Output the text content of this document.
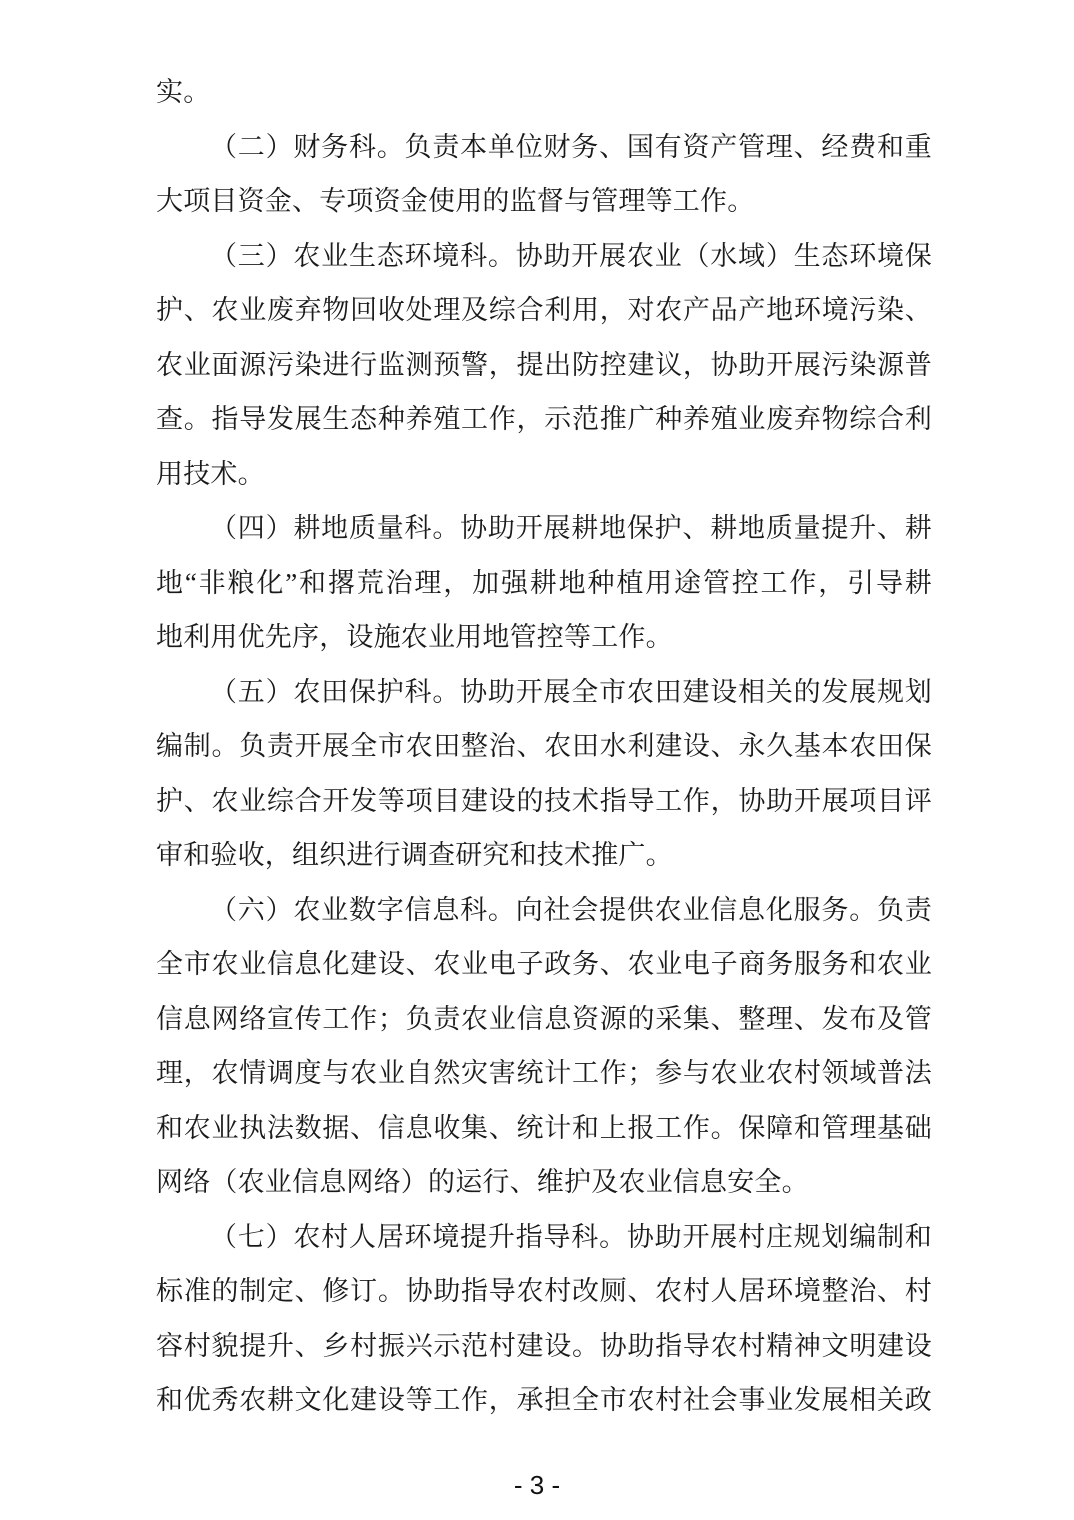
实。
（二）财务科。负责本单位财务、国有资产管理、经费和重
大项目资金、专项资金使用的监督与管理等工作。
（三）农业生态环境科。协助开展农业（水域）生态环境保
护、农业废弃物回收处理及综合利用，对农产品产地环境污染、
农业面源污染进行监测预警，提出防控建议，协助开展污染源普
查。指导发展生态种养殖工作，示范推广种养殖业废弃物综合利
用技术。
（四）耕地质量科。协助开展耕地保护、耕地质量提升、耕
地“非粮化”和撂荒治理，加强耕地种植用途管控工作，引导耕
地利用优先序，设施农业用地管控等工作。
（五）农田保护科。协助开展全市农田建设相关的发展规划
编制。负责开展全市农田整治、农田水利建设、永久基本农田保
护、农业综合开发等项目建设的技术指导工作，协助开展项目评
审和验收，组织进行调查研究和技术推广。
（六）农业数字信息科。向社会提供农业信息化服务。负责
全市农业信息化建设、农业电子政务、农业电子商务服务和农业
信息网络宣传工作；负责农业信息资源的采集、整理、发布及管
理，农情调度与农业自然灾害统计工作；参与农业农村领域普法
和农业执法数据、信息收集、统计和上报工作。保障和管理基础
网络（农业信息网络）的运行、维护及农业信息安全。
（七）农村人居环境提升指导科。协助开展村庄规划编制和
标准的制定、修订。协助指导农村改厕、农村人居环境整治、村
容村貌提升、乡村振兴示范村建设。协助指导农村精神文明建设
和优秀农耕文化建设等工作，承担全市农村社会事业发展相关政
- 3 -
